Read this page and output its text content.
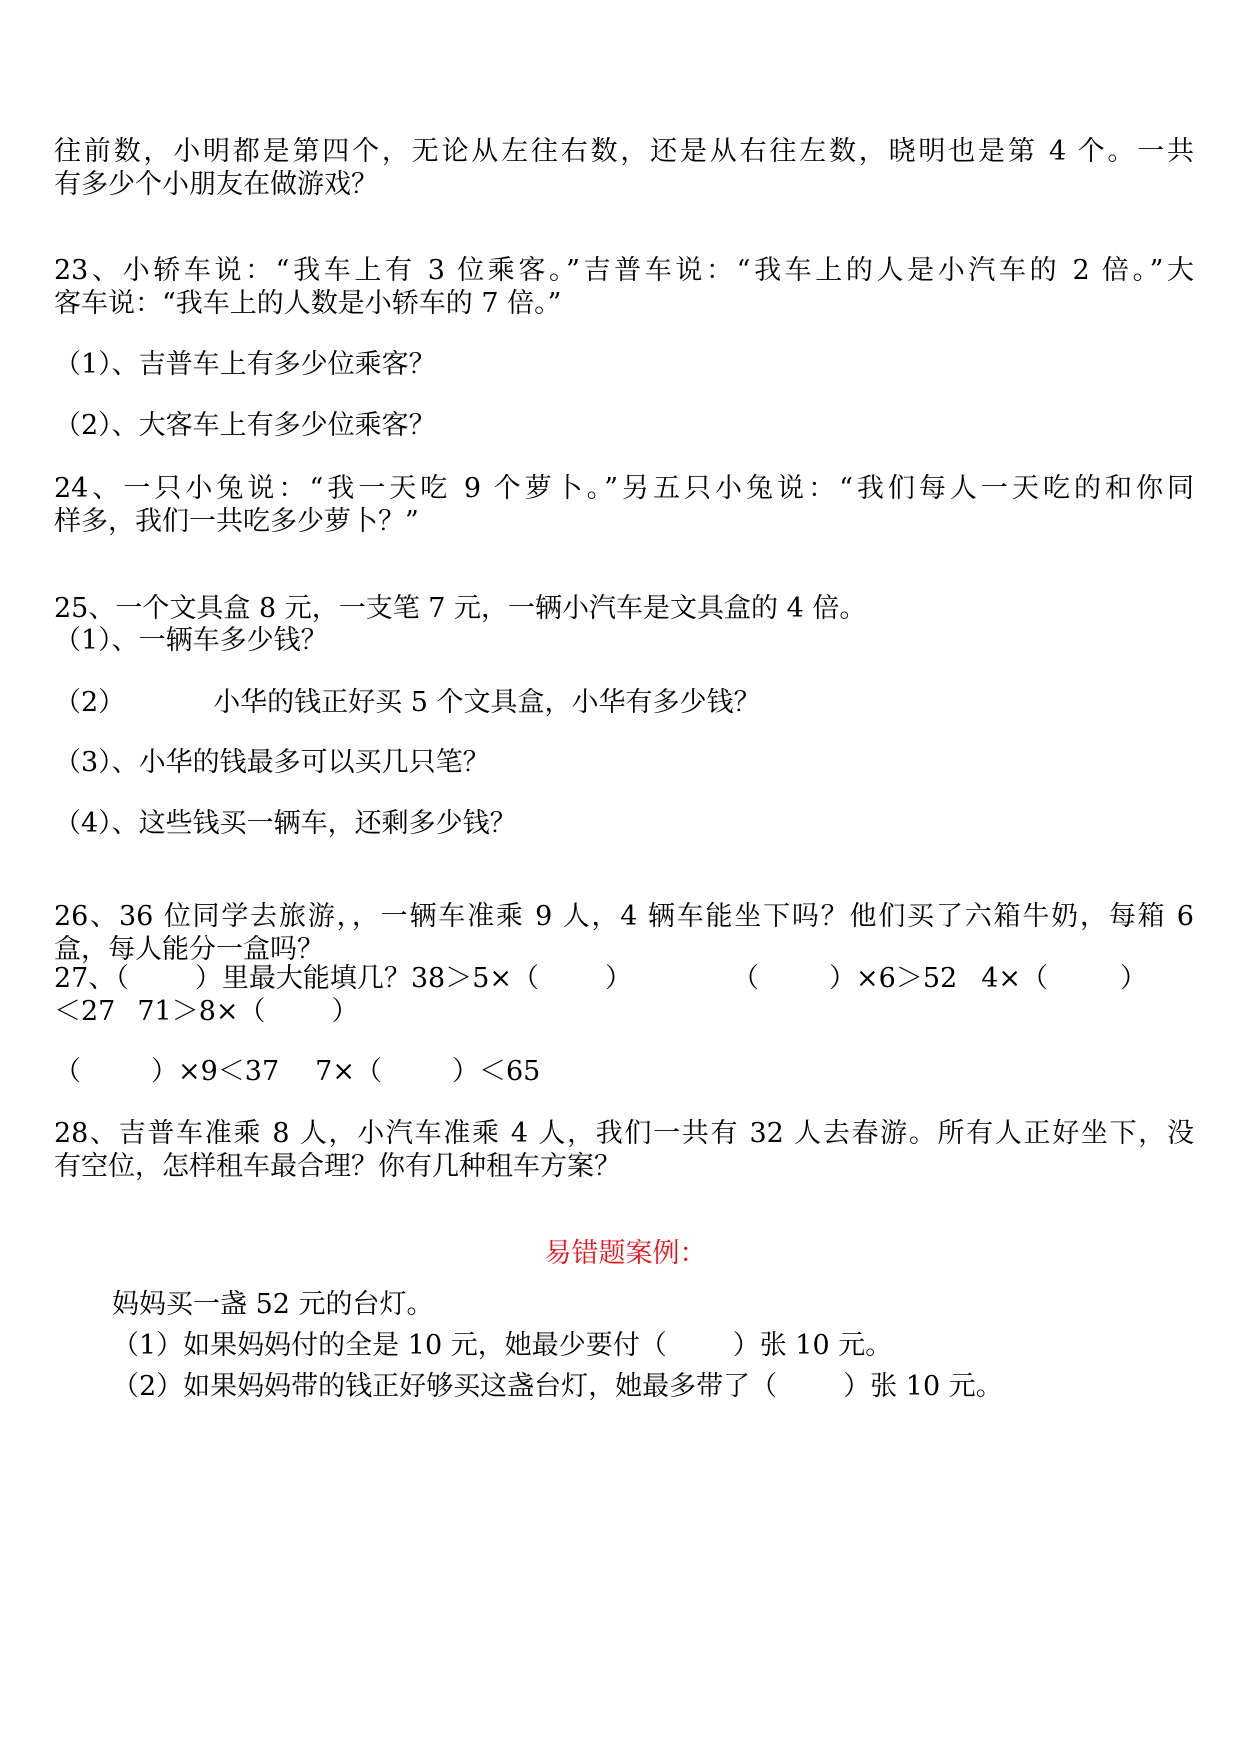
往前数，小明都是第四个，无论从左往右数，还是从右往左数，晓明也是第 4 个。一共
有多少个小朋友在做游戏？
23、小轿车说：“我车上有 3 位乘客。”吉普车说：“我车上的人是小汽车的 2 倍。”大
客车说：“我车上的人数是小轿车的 7 倍。”
（1）、吉普车上有多少位乘客？
（2）、大客车上有多少位乘客？
24、一只小兔说：“我一天吃 9 个萝卜。”另五只小兔说：“我们每人一天吃的和你同
样多，我们一共吃多少萝卜？”
25、一个文具盒 8 元，一支笔 7 元，一辆小汽车是文具盒的 4 倍。
（1）、一辆车多少钱？
（2）	小华的钱正好买 5 个文具盒，小华有多少钱？
（3）、小华的钱最多可以买几只笔？
（4）、这些钱买一辆车，还剩多少钱？
26、36 位同学去旅游，，一辆车准乘 9 人，4 辆车能坐下吗？他们买了六箱牛奶，每箱 6
盒，每人能分一盒吗？
27、（ ）里最大能填几？38＞5×（ ）	（	）×6＞52 4×（	）
＜27 71＞8×（ ）
（	）×9＜37 7×（	）＜65
28、吉普车准乘 8 人，小汽车准乘 4 人，我们一共有 32 人去春游。所有人正好坐下，没
有空位，怎样租车最合理？你有几种租车方案？
易错题案例：
妈妈买一盏 52 元的台灯。
（1）如果妈妈付的全是 10 元，她最少要付（ ）张 10 元。
（2）如果妈妈带的钱正好够买这盏台灯，她最多带了（ ）张 10 元。
